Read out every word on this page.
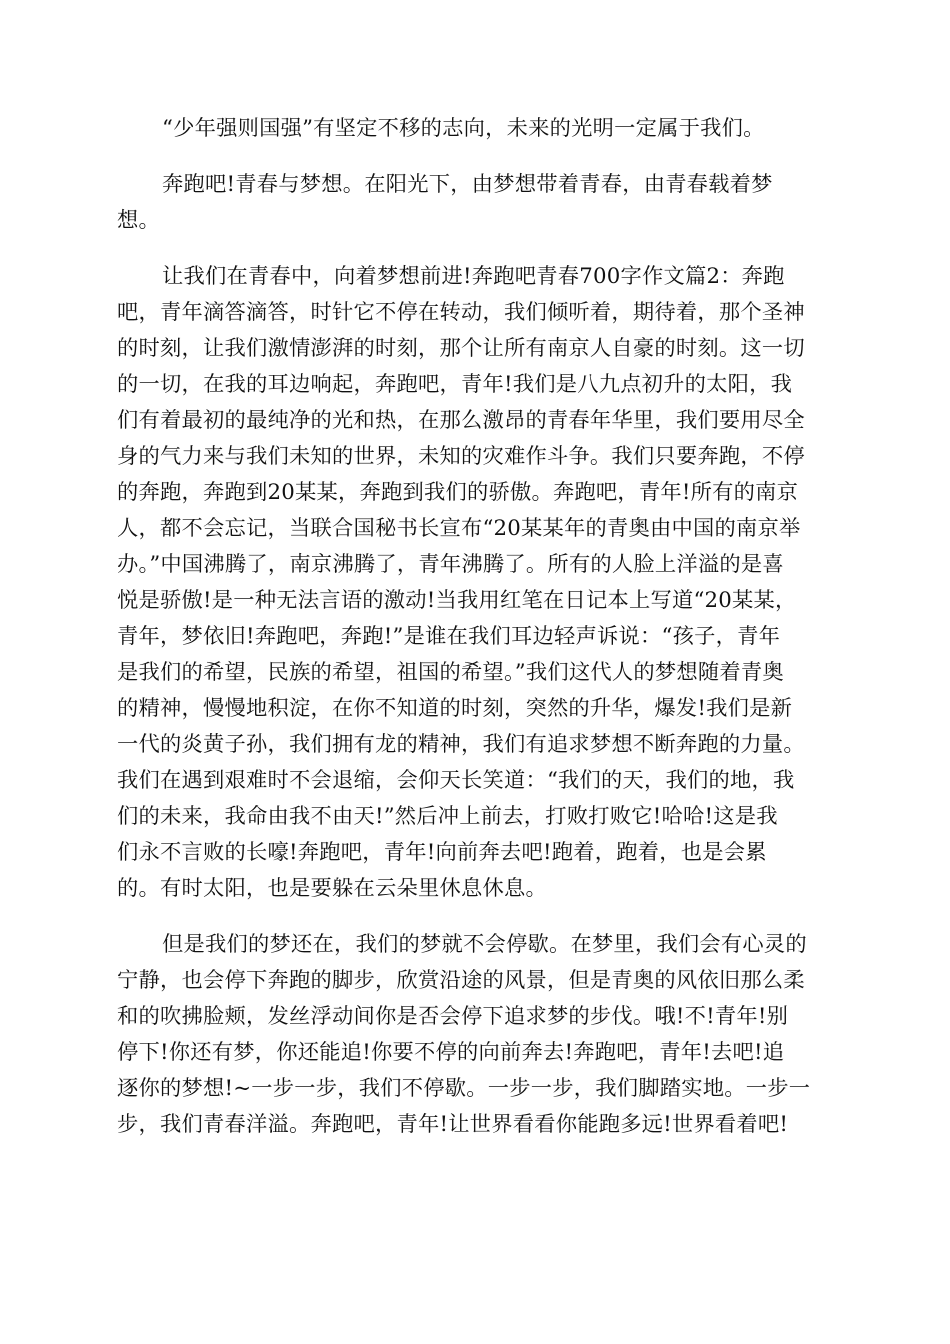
“少年强则国强”有坚定不移的志向，未来的光明一定属于我们。

奔跑吧!青春与梦想。在阳光下，由梦想带着青春，由青春载着梦

想。

让我们在青春中，向着梦想前进!奔跑吧青春700字作文篇2：奔跑

吧，青年滴答滴答，时针它不停在转动，我们倾听着，期待着，那个圣神

的时刻，让我们激情澎湃的时刻，那个让所有南京人自豪的时刻。这一切

的一切，在我的耳边响起，奔跑吧，青年!我们是八九点初升的太阳，我

们有着最初的最纯净的光和热，在那么激昂的青春年华里，我们要用尽全

身的气力来与我们未知的世界，未知的灾难作斗争。我们只要奔跑，不停

的奔跑，奔跑到20某某，奔跑到我们的骄傲。奔跑吧，青年!所有的南京

人，都不会忘记，当联合国秘书长宣布“20某某年的青奥由中国的南京举

办。”中国沸腾了，南京沸腾了，青年沸腾了。所有的人脸上洋溢的是喜

悦是骄傲!是一种无法言语的激动!当我用红笔在日记本上写道“20某某，

青年，梦依旧!奔跑吧，奔跑!”是谁在我们耳边轻声诉说：“孩子，青年

是我们的希望，民族的希望，祖国的希望。”我们这代人的梦想随着青奥

的精神，慢慢地积淀，在你不知道的时刻，突然的升华，爆发!我们是新

一代的炎黄子孙，我们拥有龙的精神，我们有追求梦想不断奔跑的力量。

我们在遇到艰难时不会退缩，会仰天长笑道：“我们的天，我们的地，我

们的未来，我命由我不由天!”然后冲上前去，打败打败它!哈哈!这是我

们永不言败的长嚎!奔跑吧，青年!向前奔去吧!跑着，跑着，也是会累

的。有时太阳，也是要躲在云朵里休息休息。

但是我们的梦还在，我们的梦就不会停歇。在梦里，我们会有心灵的

宁静，也会停下奔跑的脚步，欣赏沿途的风景，但是青奥的风依旧那么柔

和的吹拂脸颊，发丝浮动间你是否会停下追求梦的步伐。哦!不!青年!别

停下!你还有梦，你还能追!你要不停的向前奔去!奔跑吧，青年!去吧!追

逐你的梦想!~一步一步，我们不停歇。一步一步，我们脚踏实地。一步一

步，我们青春洋溢。奔跑吧，青年!让世界看看你能跑多远!世界看着吧!
